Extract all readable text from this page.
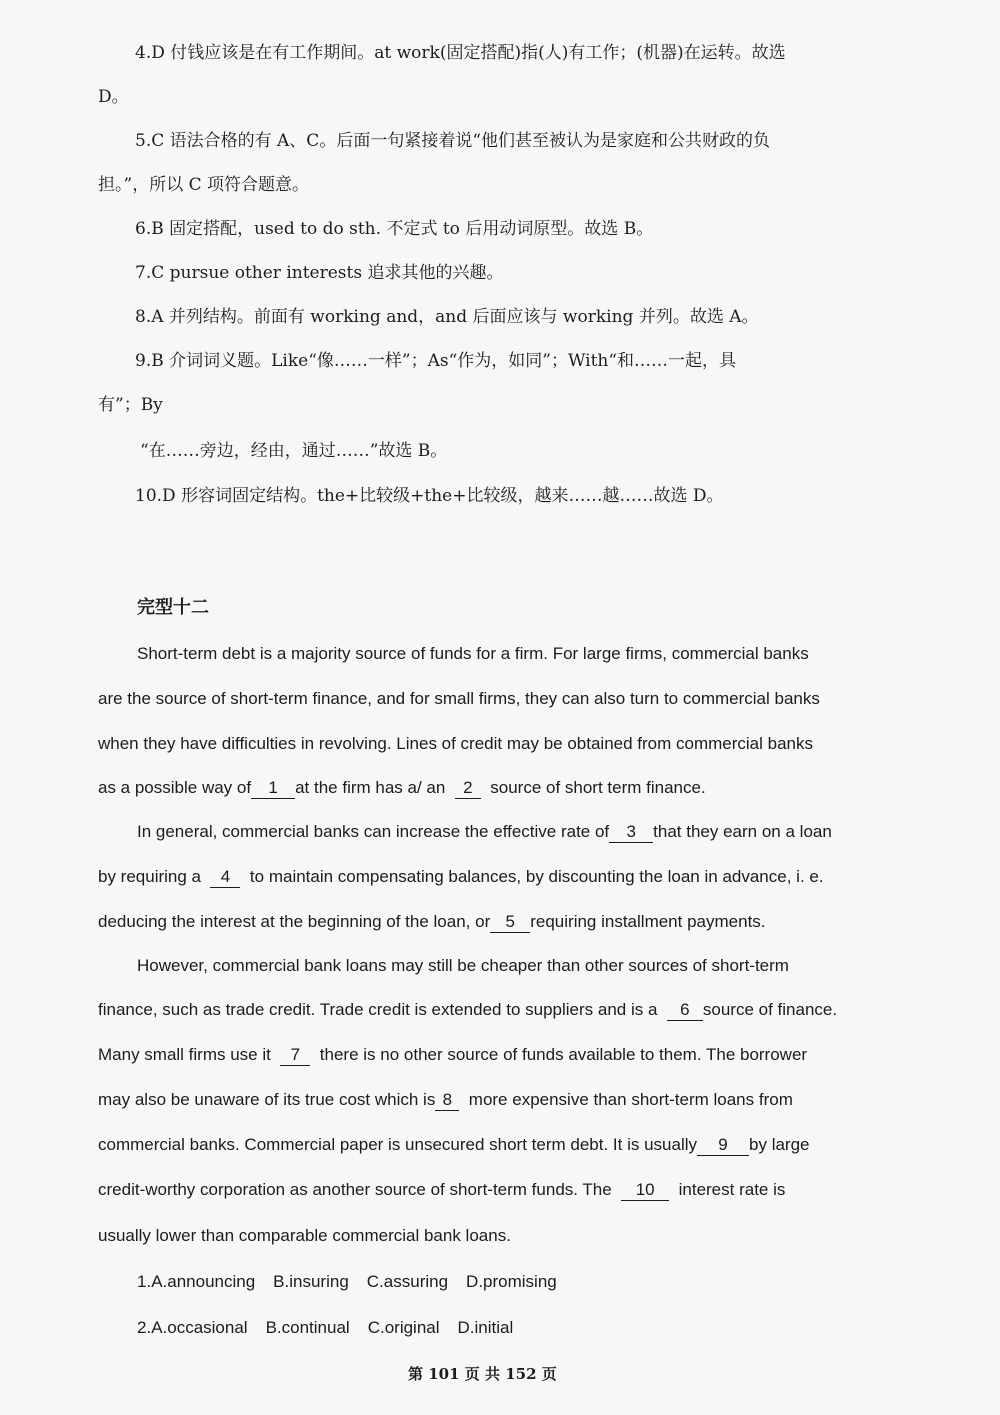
4.D 付钱应该是在有工作期间。at work(固定搭配)指(人)有工作；(机器)在运转。故选
D。
5.C 语法合格的有 A、C。后面一句紧接着说“他们甚至被认为是家庭和公共财政的负
担。”，所以 C 项符合题意。
6.B 固定搭配，used to do sth. 不定式 to 后用动词原型。故选 B。
7.C pursue other interests 追求其他的兴趣。
8.A 并列结构。前面有 working and，and 后面应该与 working 并列。故选 A。
9.B 介词词义题。Like“像……一样”；As“作为，如同”；With“和……一起，具
有”；By
“在……旁边，经由，通过……”故选 B。
10.D 形容词固定结构。the+比较级+the+比较级，越来……越……故选 D。
完型十二
Short-term debt is a majority source of funds for a firm. For large firms, commercial banks
are the source of short-term finance, and for small firms, they can also turn to commercial banks
when they have difficulties in revolving. Lines of credit may be obtained from commercial banks
as a possible way of 1 at the firm has a/ an 2 source of short term finance.
In general, commercial banks can increase the effective rate of 3 that they earn on a loan
by requiring a 4 to maintain compensating balances, by discounting the loan in advance, i. e.
deducing the interest at the beginning of the loan, or 5 requiring installment payments.
However, commercial bank loans may still be cheaper than other sources of short-term
finance, such as trade credit. Trade credit is extended to suppliers and is a 6 source of finance.
Many small firms use it 7 there is no other source of funds available to them. The borrower
may also be unaware of its true cost which is 8 more expensive than short-term loans from
commercial banks. Commercial paper is unsecured short term debt. It is usually 9 by large
credit-worthy corporation as another source of short-term funds. The 10 interest rate is
usually lower than comparable commercial bank loans.
1.A.announcing B.insuring C.assuring D.promising
2.A.occasional B.continual C.original D.initial
第 101 页 共 152 页
